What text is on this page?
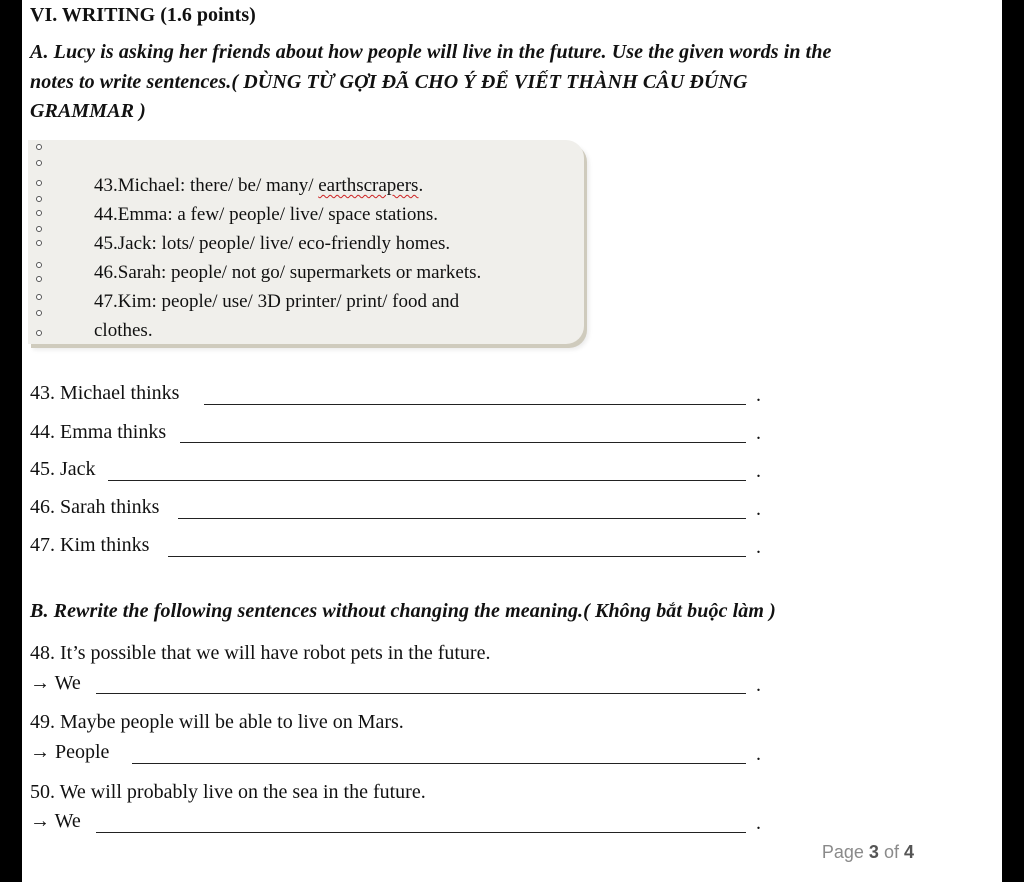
VI. WRITING (1.6 points)
A. Lucy is asking her friends about how people will live in the future. Use the given words in the
notes to write sentences.( DÙNG TỪ GỢI ĐÃ CHO Ý ĐỂ VIẾT THÀNH CÂU ĐÚNG
GRAMMAR )
43.Michael: there/ be/ many/ earthscrapers.
44.Emma: a few/ people/ live/ space stations.
45.Jack: lots/ people/ live/ eco-friendly homes.
46.Sarah: people/ not go/ supermarkets or markets.
47.Kim: people/ use/ 3D printer/ print/ food and
clothes.
43. Michael thinks	.
44. Emma thinks	.
45. Jack	.
46. Sarah thinks	.
47. Kim thinks	.
B. Rewrite the following sentences without changing the meaning.( Không bắt buộc làm )
48. It’s possible that we will have robot pets in the future.
→ We	.
49. Maybe people will be able to live on Mars.
→ People	.
50. We will probably live on the sea in the future.
→ We	.
Page 3 of 4
